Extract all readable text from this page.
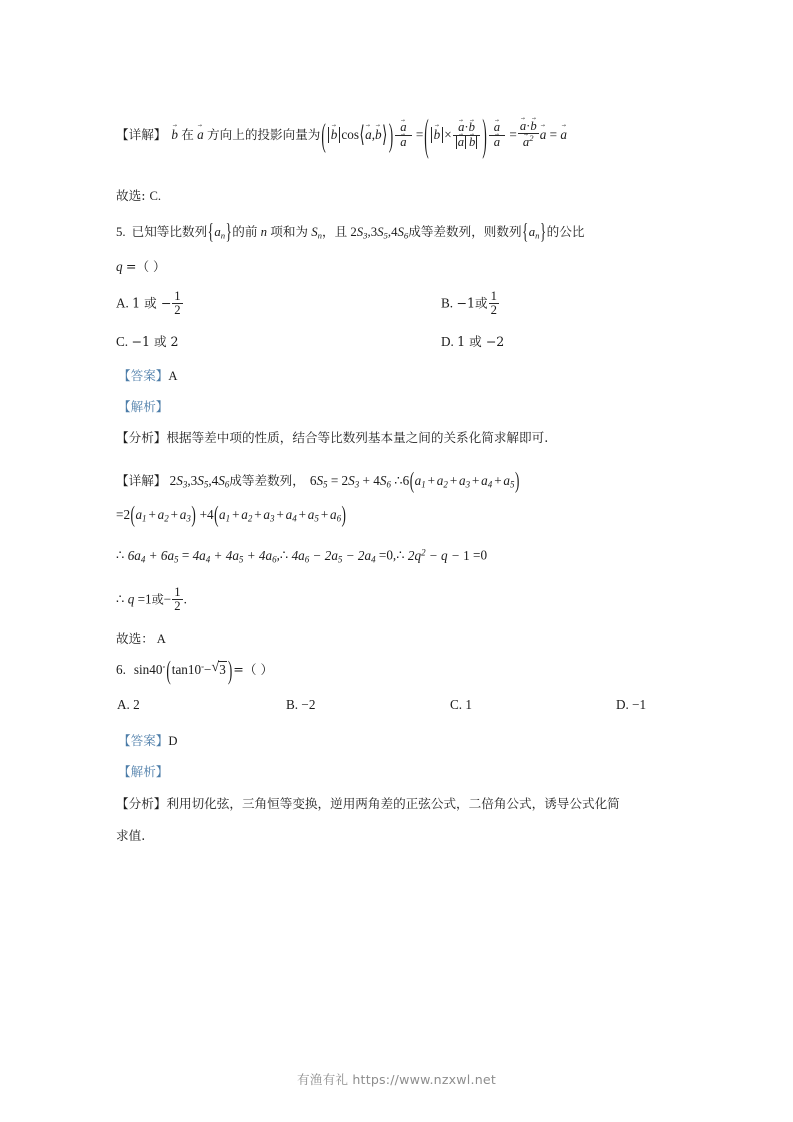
【详解】 b → 在 a → 方向上的投影向量为( b → cos⟨a →,b →⟩ ) $\frac{a \to}{a}$ → =( b → × $\frac{a \to\cdot b \to}{a \to b}$ → ) $\frac{a \to}{a}$ → = $\frac{a \to\cdot b \to}{a \to^2}$ a → = a →
故选: C.
5. 已知等比数列$\{a_n\}$的前 n 项和为 $S_n$，且 $2S_3,3S_5,4S_6$成等差数列，则数列$\{a_n\}$的公比
q =（ ）
A. 1 或 − $\frac{1}{2}$	B. −1或 $\frac{1}{2}$
C. −1 或 2	D. 1 或 −2
【答案】A
【解析】
【分析】根据等差中项的性质，结合等比数列基本量之间的关系化简求解即可.
【详解】 $2S_3,3S_5,4S_6$成等差数列， $6S_5 = 2S_3 + 4S_6$ $\therefore 6(a_1$ + $a_2$ + $a_3$ + $a_4$ + $a_5$)
$=2(a_1$ + $a_2$ + $a_3) +4(a_1$ + $a_2$ + $a_3$ + $a_4$ + $a_5$ + $a_6$)
∴ $6a_4 + 6a_5 = 4a_4 + 4a_5$ + $4a_6,\therefore$ $4a_6 - 2a_5 - 2a_4$ =0,∴ $2q^2 - q - 1 =0$
∴ q =1或− $\frac{1}{2}$ .
故选： A
6. sin40◦(tan10◦− √ 3 )=（ ）
A. 2	B. −2	C. 1	D. −1
【答案】D
【解析】
【分析】利用切化弦，三角恒等变换，逆用两角差的正弦公式，二倍角公式，诱导公式化简
求值.
有渔有礼 https://www.nzxwl.net
